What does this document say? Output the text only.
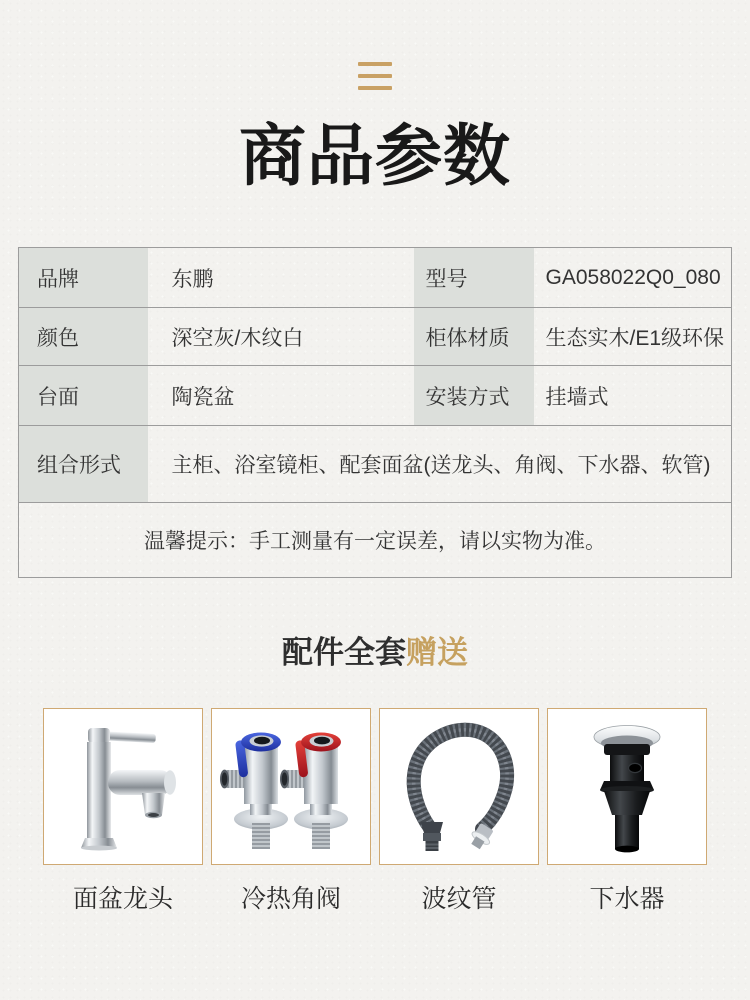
商品参数
品牌	东鹏	型号	GA058022Q0_080
颜色	深空灰/木纹白	柜体材质	生态实木/E1级环保
台面	陶瓷盆	安装方式	挂墙式
组合形式	主柜、浴室镜柜、配套面盆(送龙头、角阀、下水器、软管)		
温馨提示：手工测量有一定误差，请以实物为准。			
配件全套赠送
面盆龙头	冷热角阀	波纹管	下水器
